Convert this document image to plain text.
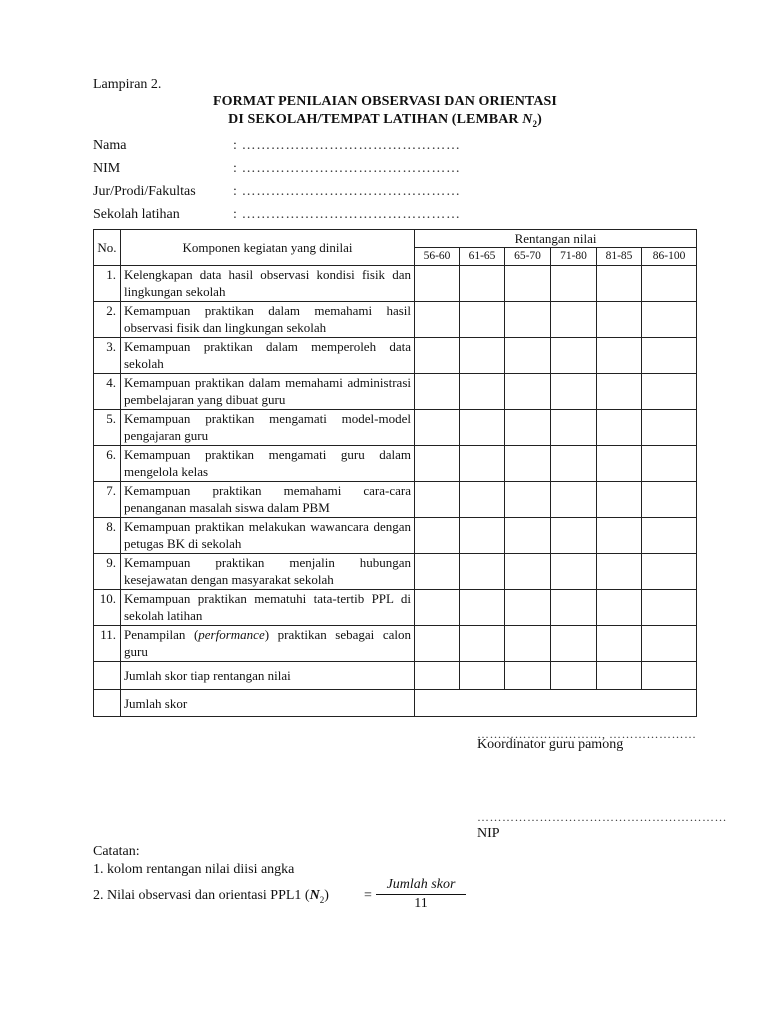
Lampiran 2.
FORMAT PENILAIAN OBSERVASI DAN ORIENTASI
DI SEKOLAH/TEMPAT LATIHAN (LEMBAR $N_2$)
Nama	: ………………………………………
NIM	: ………………………………………
Jur/Prodi/Fakultas	: ………………………………………
Sekolah latihan	: ………………………………………
No.	Komponen kegiatan yang dinilai	Rentangan nilai					
		56-60	61-65	65-70	71-80	81-85	86-100
1.	Kelengkapan data hasil observasi kondisi fisik dan lingkungan sekolah						
2.	Kemampuan praktikan dalam memahami hasil observasi fisik dan lingkungan sekolah						
3.	Kemampuan praktikan dalam memperoleh data sekolah						
4.	Kemampuan praktikan dalam memahami administrasi pembelajaran yang dibuat guru						
5.	Kemampuan praktikan mengamati model-model pengajaran guru						
6.	Kemampuan praktikan mengamati guru dalam mengelola kelas						
7.	Kemampuan praktikan memahami cara-cara penanganan masalah siswa dalam PBM						
8.	Kemampuan praktikan melakukan wawancara dengan petugas BK di sekolah						
9.	Kemampuan praktikan menjalin hubungan kesejawatan dengan masyarakat sekolah						
10.	Kemampuan praktikan mematuhi tata-tertib PPL di sekolah latihan						
11.	Penampilan (performance) praktikan sebagai calon guru						
	Jumlah skor tiap rentangan nilai						
	Jumlah skor						
…………………………, …………………
Koordinator guru pamong
……………………………………………………
NIP
Catatan:
1. kolom rentangan nilai diisi angka
2. Nilai observasi dan orientasi PPL1 $(N_2)$	=
Jumlah skor
11
